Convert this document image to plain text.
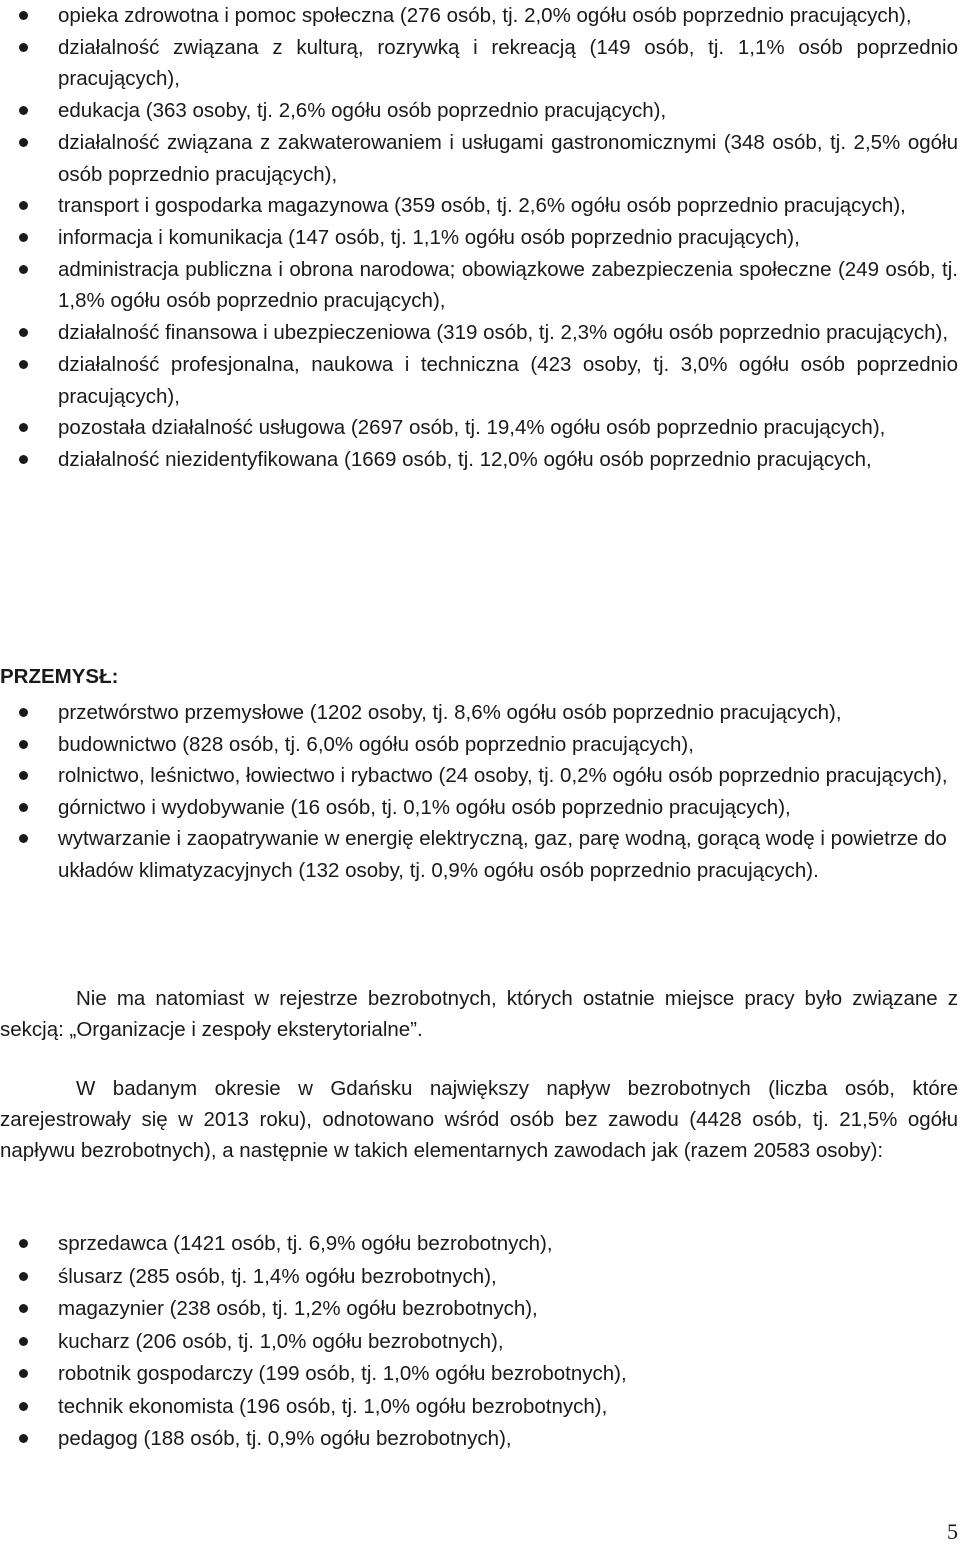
opieka zdrowotna i pomoc społeczna (276 osób, tj. 2,0% ogółu osób poprzednio pracujących),
działalność związana z kulturą, rozrywką i rekreacją (149 osób, tj. 1,1% osób poprzednio pracujących),
edukacja (363 osoby, tj. 2,6% ogółu osób poprzednio pracujących),
działalność związana z zakwaterowaniem i usługami gastronomicznymi (348 osób, tj. 2,5% ogółu osób poprzednio pracujących),
transport i gospodarka magazynowa (359 osób, tj. 2,6% ogółu osób poprzednio pracujących),
informacja i komunikacja (147 osób, tj. 1,1% ogółu osób poprzednio pracujących),
administracja publiczna i obrona narodowa; obowiązkowe zabezpieczenia społeczne (249 osób, tj. 1,8% ogółu osób poprzednio pracujących),
działalność finansowa i ubezpieczeniowa (319 osób, tj. 2,3% ogółu osób poprzednio pracujących),
działalność profesjonalna, naukowa i techniczna (423 osoby, tj. 3,0% ogółu osób poprzednio pracujących),
pozostała działalność usługowa (2697 osób, tj. 19,4% ogółu osób poprzednio pracujących),
działalność niezidentyfikowana (1669 osób, tj. 12,0% ogółu osób poprzednio pracujących,
PRZEMYSŁ:
przetwórstwo przemysłowe (1202 osoby, tj. 8,6% ogółu osób poprzednio pracujących),
budownictwo (828 osób, tj. 6,0% ogółu osób poprzednio pracujących),
rolnictwo, leśnictwo, łowiectwo i rybactwo (24 osoby, tj. 0,2% ogółu osób poprzednio pracujących),
górnictwo i wydobywanie (16 osób, tj. 0,1% ogółu osób poprzednio pracujących),
wytwarzanie i zaopatrywanie w energię elektryczną, gaz, parę wodną, gorącą wodę i powietrze do układów klimatyzacyjnych (132 osoby, tj. 0,9% ogółu osób poprzednio pracujących).

Nie ma natomiast w rejestrze bezrobotnych, których ostatnie miejsce pracy było związane z sekcją: „Organizacje i zespoły eksterytorialne”.

W badanym okresie w Gdańsku największy napływ bezrobotnych (liczba osób, które zarejestrowały się w 2013 roku), odnotowano wśród osób bez zawodu (4428 osób, tj. 21,5% ogółu napływu bezrobotnych), a następnie w takich elementarnych zawodach jak (razem 20583 osoby):

sprzedawca (1421 osób, tj. 6,9% ogółu bezrobotnych),
ślusarz (285 osób, tj. 1,4% ogółu bezrobotnych),
magazynier (238 osób, tj. 1,2% ogółu bezrobotnych),
kucharz (206 osób, tj. 1,0% ogółu bezrobotnych),
robotnik gospodarczy (199 osób, tj. 1,0% ogółu bezrobotnych),
technik ekonomista (196 osób, tj. 1,0% ogółu bezrobotnych),
pedagog (188 osób, tj. 0,9% ogółu bezrobotnych),

5
